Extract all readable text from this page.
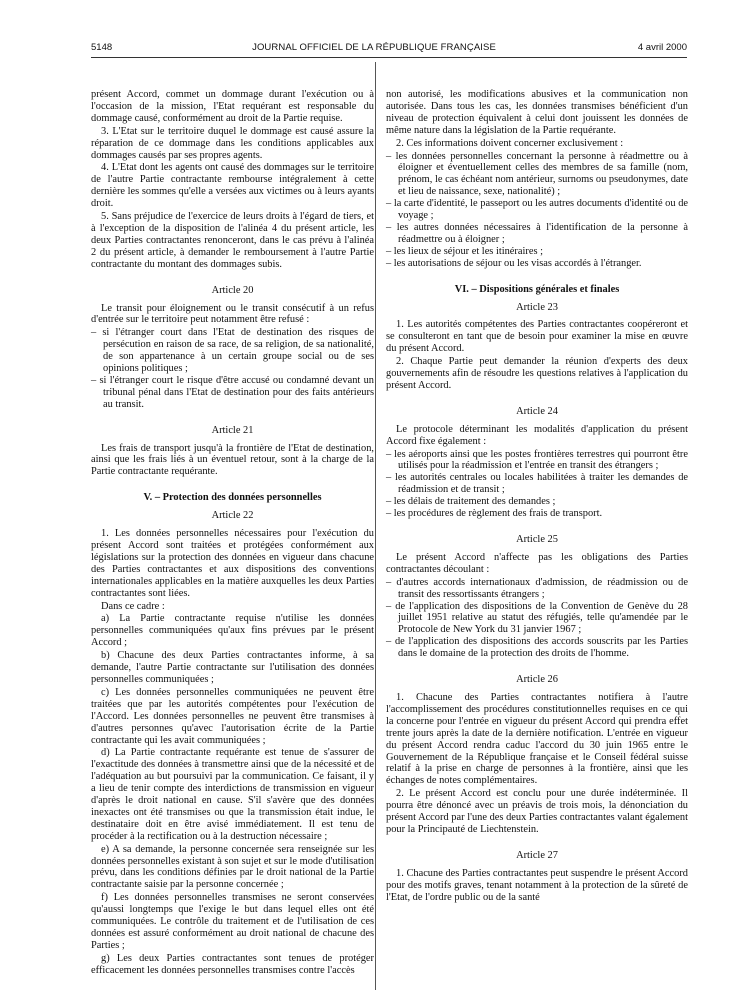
5148	JOURNAL OFFICIEL DE LA RÉPUBLIQUE FRANÇAISE	4 avril 2000

présent Accord, commet un dommage durant l'exécution ou à l'occasion de la mission, l'Etat requérant est responsable du dommage causé, conformément au droit de la Partie requise.

3. L'Etat sur le territoire duquel le dommage est causé assure la réparation de ce dommage dans les conditions applicables aux dommages causés par ses propres agents.

4. L'Etat dont les agents ont causé des dommages sur le territoire de l'autre Partie contractante rembourse intégralement à cette dernière les sommes qu'elle a versées aux victimes ou à leurs ayants droit.

5. Sans préjudice de l'exercice de leurs droits à l'égard de tiers, et à l'exception de la disposition de l'alinéa 4 du présent article, les deux Parties contractantes renonceront, dans le cas prévu à l'alinéa 2 du présent article, à demander le remboursement à l'autre Partie contractante du montant des dommages subis.

Article 20

Le transit pour éloignement ou le transit consécutif à un refus d'entrée sur le territoire peut notamment être refusé :

– si l'étranger court dans l'Etat de destination des risques de persécution en raison de sa race, de sa religion, de sa nationalité, de son appartenance à un certain groupe social ou de ses opinions politiques ;
– si l'étranger court le risque d'être accusé ou condamné devant un tribunal pénal dans l'Etat de destination pour des faits antérieurs au transit.
Article 21

Les frais de transport jusqu'à la frontière de l'Etat de destination, ainsi que les frais liés à un éventuel retour, sont à la charge de la Partie contractante requérante.

V. – Protection des données personnelles
Article 22

1. Les données personnelles nécessaires pour l'exécution du présent Accord sont traitées et protégées conformément aux législations sur la protection des données en vigueur dans chacune des Parties contractantes et aux dispositions des conventions internationales applicables en la matière auxquelles les deux Parties contractantes sont liées.

Dans ce cadre :

a) La Partie contractante requise n'utilise les données personnelles communiquées qu'aux fins prévues par le présent Accord ;

b) Chacune des deux Parties contractantes informe, à sa demande, l'autre Partie contractante sur l'utilisation des données personnelles communiquées ;

c) Les données personnelles communiquées ne peuvent être traitées que par les autorités compétentes pour l'exécution de l'Accord. Les données personnelles ne peuvent être transmises à d'autres personnes qu'avec l'autorisation écrite de la Partie contractante qui les avait communiquées ;

d) La Partie contractante requérante est tenue de s'assurer de l'exactitude des données à transmettre ainsi que de la nécessité et de l'adéquation au but poursuivi par la communication. Ce faisant, il y a lieu de tenir compte des interdictions de transmission en vigueur d'après le droit national en cause. S'il s'avère que des données inexactes ont été transmises ou que la transmission était indue, le destinataire doit en être avisé immédiatement. Il est tenu de procéder à la rectification ou à la destruction nécessaire ;

e) A sa demande, la personne concernée sera renseignée sur les données personnelles existant à son sujet et sur le mode d'utilisation prévu, dans les conditions définies par le droit national de la Partie contractante saisie par la personne concernée ;

f) Les données personnelles transmises ne seront conservées qu'aussi longtemps que l'exige le but dans lequel elles ont été communiquées. Le contrôle du traitement et de l'utilisation de ces données est assuré conformément au droit national de chacune des Parties ;

g) Les deux Parties contractantes sont tenues de protéger efficacement les données personnelles transmises contre l'accès

non autorisé, les modifications abusives et la communication non autorisée. Dans tous les cas, les données transmises bénéficient d'un niveau de protection équivalent à celui dont jouissent les données de même nature dans la législation de la Partie requérante.

2. Ces informations doivent concerner exclusivement :

– les données personnelles concernant la personne à réadmettre ou à éloigner et éventuellement celles des membres de sa famille (nom, prénom, le cas échéant nom antérieur, surnoms ou pseudonymes, date et lieu de naissance, sexe, nationalité) ;
– la carte d'identité, le passeport ou les autres documents d'identité ou de voyage ;
– les autres données nécessaires à l'identification de la personne à réadmettre ou à éloigner ;
– les lieux de séjour et les itinéraires ;
– les autorisations de séjour ou les visas accordés à l'étranger.
VI. – Dispositions générales et finales
Article 23

1. Les autorités compétentes des Parties contractantes coopéreront et se consulteront en tant que de besoin pour examiner la mise en œuvre du présent Accord.

2. Chaque Partie peut demander la réunion d'experts des deux gouvernements afin de résoudre les questions relatives à l'application du présent Accord.

Article 24

Le protocole déterminant les modalités d'application du présent Accord fixe également :

– les aéroports ainsi que les postes frontières terrestres qui pourront être utilisés pour la réadmission et l'entrée en transit des étrangers ;
– les autorités centrales ou locales habilitées à traiter les demandes de réadmission et de transit ;
– les délais de traitement des demandes ;
– les procédures de règlement des frais de transport.
Article 25

Le présent Accord n'affecte pas les obligations des Parties contractantes découlant :

– d'autres accords internationaux d'admission, de réadmission ou de transit des ressortissants étrangers ;
– de l'application des dispositions de la Convention de Genève du 28 juillet 1951 relative au statut des réfugiés, telle qu'amendée par le Protocole de New York du 31 janvier 1967 ;
– de l'application des dispositions des accords souscrits par les Parties dans le domaine de la protection des droits de l'homme.
Article 26

1. Chacune des Parties contractantes notifiera à l'autre l'accomplissement des procédures constitutionnelles requises en ce qui la concerne pour l'entrée en vigueur du présent Accord qui prendra effet trente jours après la date de la dernière notification. L'entrée en vigueur du présent Accord rendra caduc l'accord du 30 juin 1965 entre le Gouvernement de la République française et le Conseil fédéral suisse relatif à la prise en charge de personnes à la frontière, ainsi que les échanges de notes complémentaires.

2. Le présent Accord est conclu pour une durée indéterminée. Il pourra être dénoncé avec un préavis de trois mois, la dénonciation du présent Accord par l'une des deux Parties contractantes valant également pour la Principauté de Liechtenstein.

Article 27

1. Chacune des Parties contractantes peut suspendre le présent Accord pour des motifs graves, tenant notamment à la protection de la sûreté de l'Etat, de l'ordre public ou de la santé
